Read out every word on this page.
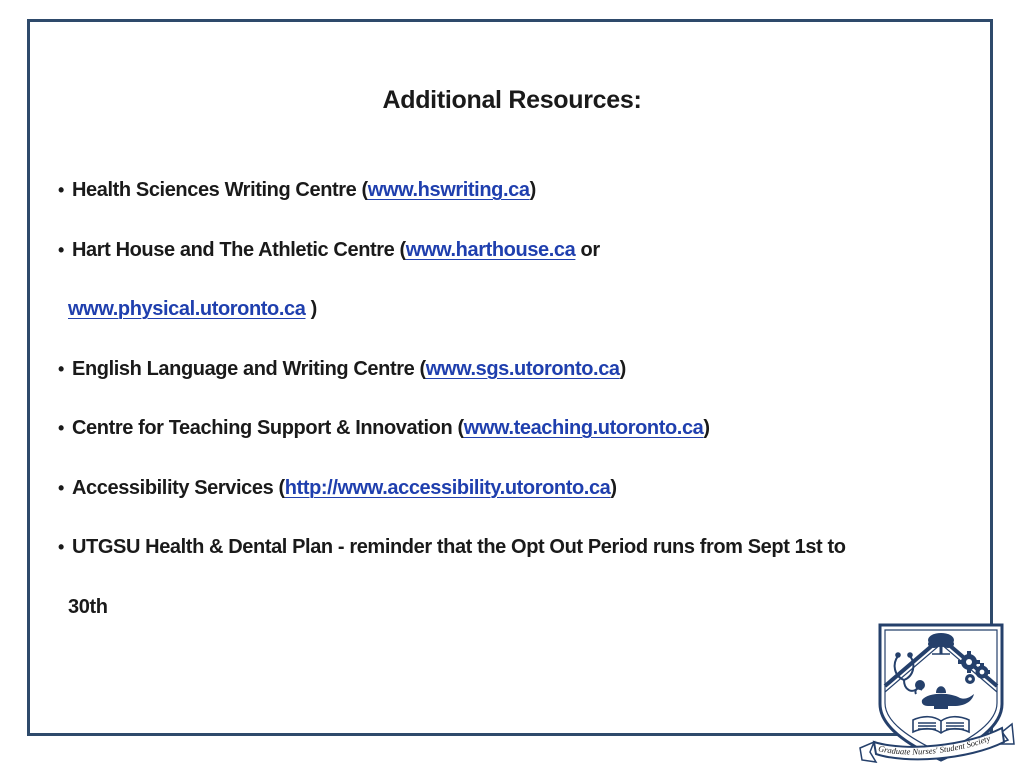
Additional Resources:
• Health Sciences Writing Centre (www.hswriting.ca)
• Hart House and The Athletic Centre (www.harthouse.ca or
www.physical.utoronto.ca )
• English Language and Writing Centre (www.sgs.utoronto.ca)
• Centre for Teaching Support & Innovation (www.teaching.utoronto.ca)
• Accessibility Services (http://www.accessibility.utoronto.ca)
• UTGSU Health & Dental Plan - reminder that the Opt Out Period runs from Sept 1st to
30th
Graduate Nurses' Student Society
